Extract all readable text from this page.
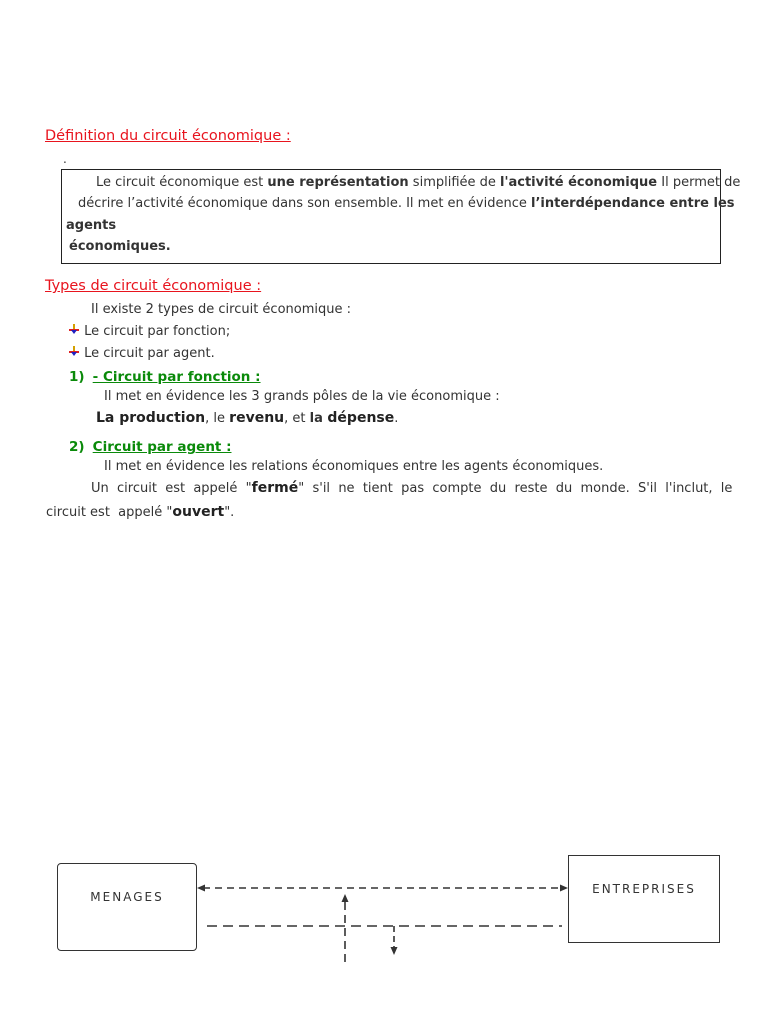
Définition du circuit économique :
.
Le circuit économique est une représentation simplifiée de l'activité économique Il permet de
décrire l’activité économique dans son ensemble. Il met en évidence l’interdépendance entre les
agents
économiques.
Types de circuit économique :
Il existe 2 types de circuit économique :
Le circuit par fonction;
Le circuit par agent.
1) - Circuit par fonction :
Il met en évidence les 3 grands pôles de la vie économique :
La production, le revenu, et la dépense.
2) Circuit par agent :
Il met en évidence les relations économiques entre les agents économiques.
Un  circuit  est  appelé  "fermé"  s'il  ne  tient  pas  compte  du  reste  du  monde.  S'il  l'inclut,  le
circuit est  appelé "ouvert".
MENAGES
ENTREPRISES
